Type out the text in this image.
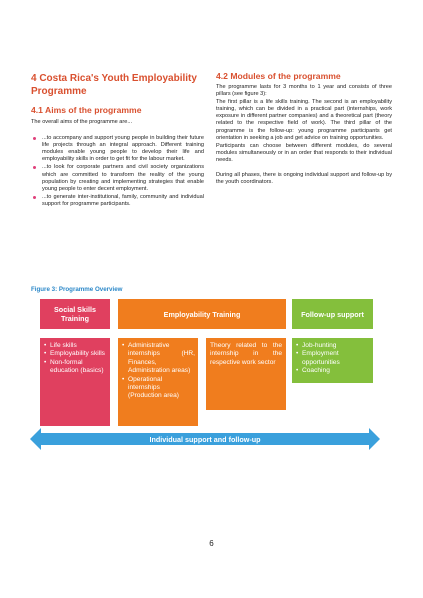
4 Costa Rica's Youth Employability Programme
4.1 Aims of the programme

The overall aims of the programme are...

...to accompany and support young people in building their future life projects through an integral approach. Different training modules enable young people to develop their life and employability skills in order to get fit for the labour market.
...to look for corporate partners and civil society organizations which are committed to transform the reality of the young population by creating and implementing strategies that enable young people to enter decent employment.
...to generate inter-institutional, family, community and individual support for programme participants.
4.2 Modules of the programme

The programme lasts for 3 months to 1 year and consists of three pillars (see figure 3):

The first pillar is a life skills training. The second is an employability training, which can be divided in a practical part (internships, work exposure in different partner companies) and a theoretical part (theory related to the respective field of work). The third pillar of the programme is the follow-up: young programme participants get orientation in seeking a job and get advice on training opportunities.

Participants can choose between different modules, do several modules simultaneously or in an order that responds to their individual needs.

During all phases, there is ongoing individual support and follow-up by the youth coordinators.

Figure 3: Programme Overview
Social Skills Training	Employability Training	Follow-up support
• Life skills
• Employability skills
• Non-formal education (basics)
• Administrative internships (HR, Finances, Administration areas)
• Operational internships (Production area)
Theory related to the internship in the respective work sector
• Job-hunting
• Employment opportunities
• Coaching
Individual support and follow-up
6
